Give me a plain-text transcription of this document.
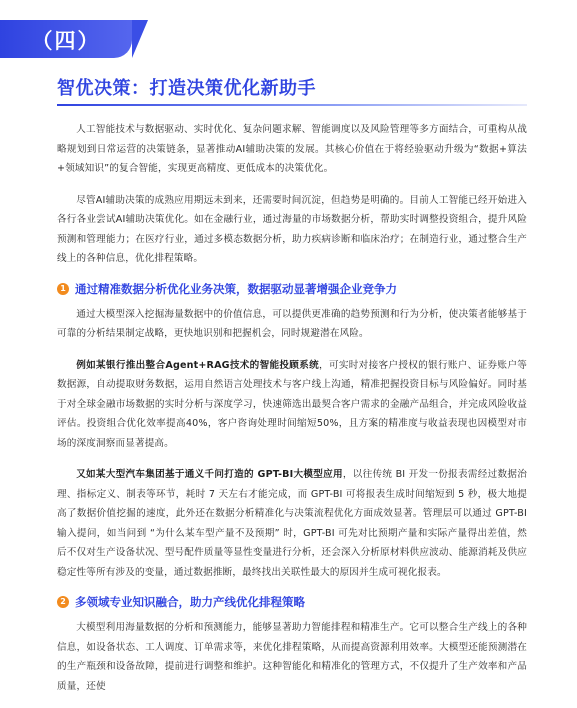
（四）
智优决策：打造决策优化新助手

人工智能技术与数据驱动、实时优化、复杂问题求解、智能调度以及风险管理等多方面结合，可重构从战略规划到日常运营的决策链条，显著推动AI辅助决策的发展。其核心价值在于将经验驱动升级为“数据+算法+领域知识”的复合智能，实现更高精度、更低成本的决策优化。

尽管AI辅助决策的成熟应用期远未到来，还需要时间沉淀，但趋势是明确的。目前人工智能已经开始进入各行各业尝试AI辅助决策优化。如在金融行业，通过海量的市场数据分析，帮助实时调整投资组合，提升风险预测和管理能力；在医疗行业，通过多模态数据分析，助力疾病诊断和临床治疗；在制造行业，通过整合生产线上的各种信息，优化排程策略。

1 通过精准数据分析优化业务决策，数据驱动显著增强企业竞争力

通过大模型深入挖掘海量数据中的价值信息，可以提供更准确的趋势预测和行为分析，使决策者能够基于可靠的分析结果制定战略，更快地识别和把握机会，同时规避潜在风险。

例如某银行推出整合Agent+RAG技术的智能投顾系统，可实时对接客户授权的银行账户、证券账户等数据源，自动提取财务数据，运用自然语言处理技术与客户线上沟通，精准把握投资目标与风险偏好。同时基于对全球金融市场数据的实时分析与深度学习，快速筛选出最契合客户需求的金融产品组合，并完成风险收益评估。投资组合优化效率提高40%，客户咨询处理时间缩短50%，且方案的精准度与收益表现也因模型对市场的深度洞察而显著提高。

又如某大型汽车集团基于通义千问打造的 GPT-BI大模型应用，以往传统 BI 开发一份报表需经过数据治理、指标定义、制表等环节，耗时 7 天左右才能完成，而 GPT-BI 可将报表生成时间缩短到 5 秒，极大地提高了数据价值挖掘的速度，此外还在数据分析精准化与决策流程优化方面成效显著。管理层可以通过 GPT-BI 输入提问，如当问到 “为什么某车型产量不及预期” 时，GPT-BI 可先对比预期产量和实际产量得出差值，然后不仅对生产设备状况、型号配件质量等显性变量进行分析，还会深入分析原材料供应波动、能源消耗及供应稳定性等所有涉及的变量，通过数据推断，最终找出关联性最大的原因并生成可视化报表。

2 多领域专业知识融合，助力产线优化排程策略

大模型利用海量数据的分析和预测能力，能够显著助力智能排程和精准生产。它可以整合生产线上的各种信息，如设备状态、工人调度、订单需求等，来优化排程策略，从而提高资源利用效率。大模型还能预测潜在的生产瓶颈和设备故障，提前进行调整和维护。这种智能化和精准化的管理方式，不仅提升了生产效率和产品质量，还使
